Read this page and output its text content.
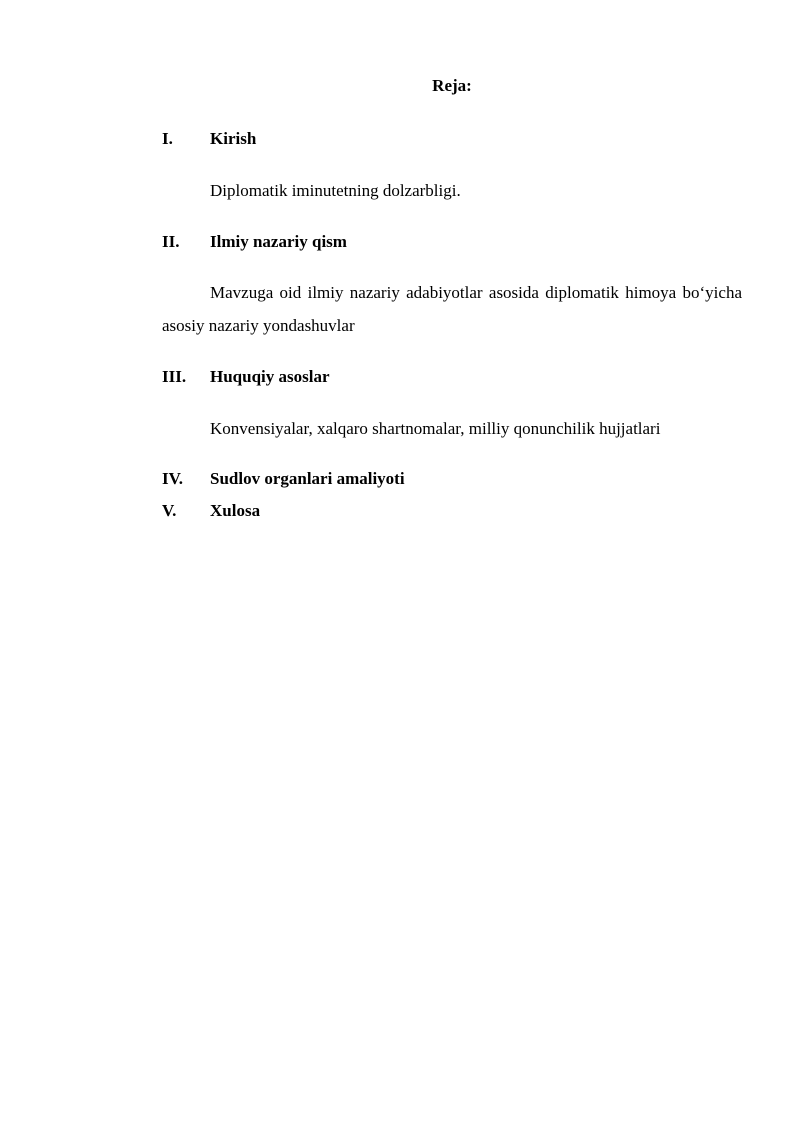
Reja:
I. Kirish
Diplomatik iminutetning dolzarbligi.
II. Ilmiy nazariy qism
Mavzuga oid ilmiy nazariy adabiyotlar asosida diplomatik himoya bo‘yicha asosiy nazariy yondashuvlar
III. Huquqiy asoslar
Konvensiyalar, xalqaro shartnomalar, milliy qonunchilik hujjatlari
IV. Sudlov organlari amaliyoti
V. Xulosa
